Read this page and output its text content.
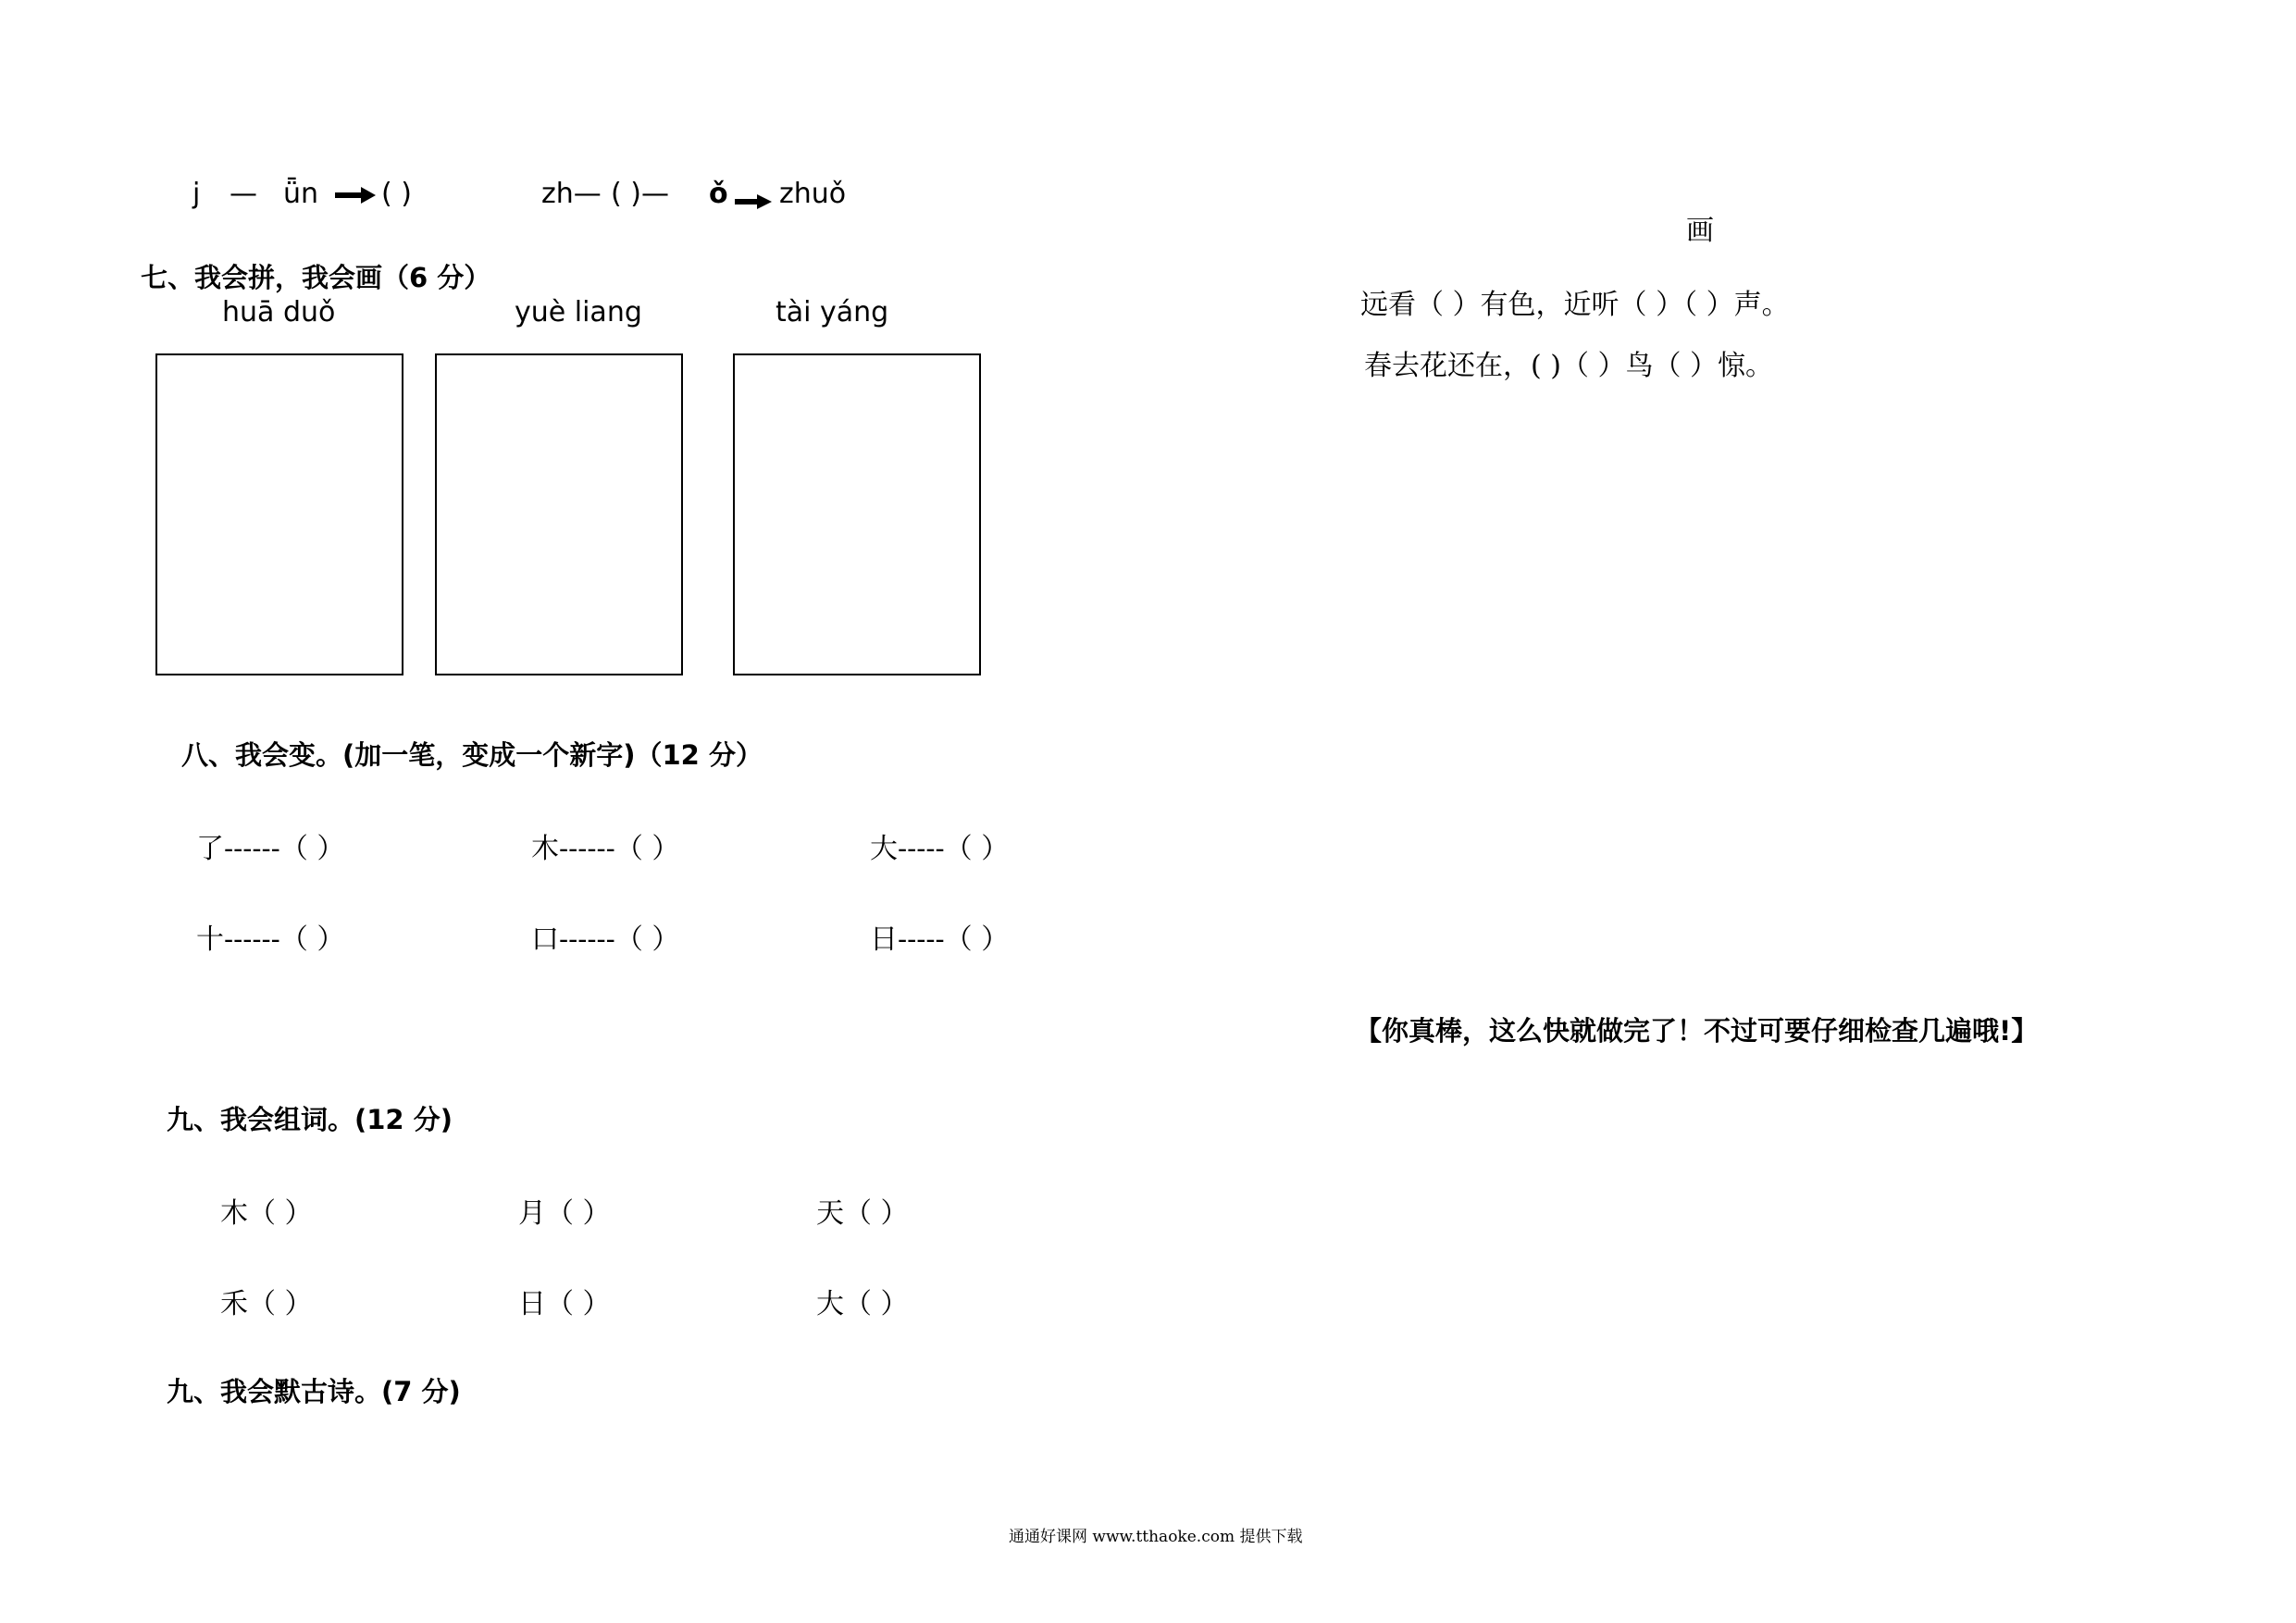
j — ǖn ( )	zh— ( )— ǒ zhuǒ
七、我会拼，我会画（6 分）
huā duǒ	yuè liang	tài yáng
八、我会变。(加一笔，变成一个新字)（12 分）
了------（ ）	木------（ ）	大-----（ ）
十------（ ）	口------（ ）	日-----（ ）
九、我会组词。(12 分)
木（ ）	月（ ）	天（ ）
禾（ ）	日（ ）	大（ ）
九、我会默古诗。(7 分)
画
远看（ ）有色，近听（ ）（ ）声。
春去花还在，( )（ ）鸟（ ）惊。
【你真棒，这么快就做完了！不过可要仔细检查几遍哦!】
通通好课网 www.tthaoke.com 提供下载
